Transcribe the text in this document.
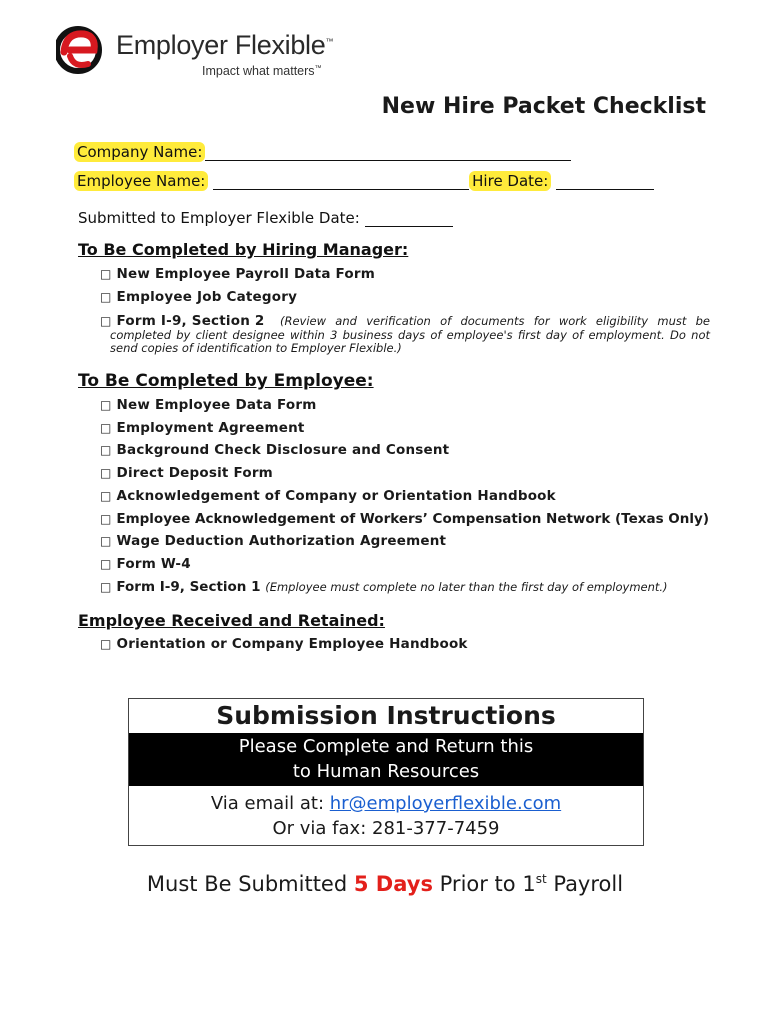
Employer Flexible™
Impact what matters™
New Hire Packet Checklist
Company Name:
Employee Name:	Hire Date:
Submitted to Employer Flexible Date:
To Be Completed by Hiring Manager:
□ New Employee Payroll Data Form
□ Employee Job Category
□ Form I-9, Section 2	(Review and verification of documents for work eligibility must be completed by client designee within 3 business days of employee's first day of employment. Do not send copies of identification to Employer Flexible.)
To Be Completed by Employee:
□ New Employee Data Form
□ Employment Agreement
□ Background Check Disclosure and Consent
□ Direct Deposit Form
□ Acknowledgement of Company or Orientation Handbook
□ Employee Acknowledgement of Workers’ Compensation Network (Texas Only)
□ Wage Deduction Authorization Agreement
□ Form W-4
□ Form I-9, Section 1 (Employee must complete no later than the first day of employment.)
Employee Received and Retained:
□ Orientation or Company Employee Handbook
Submission Instructions
Please Complete and Return this
to Human Resources
Via email at: hr@employerflexible.com
Or via fax: 281-377-7459
Must Be Submitted 5 Days Prior to 1st Payroll
